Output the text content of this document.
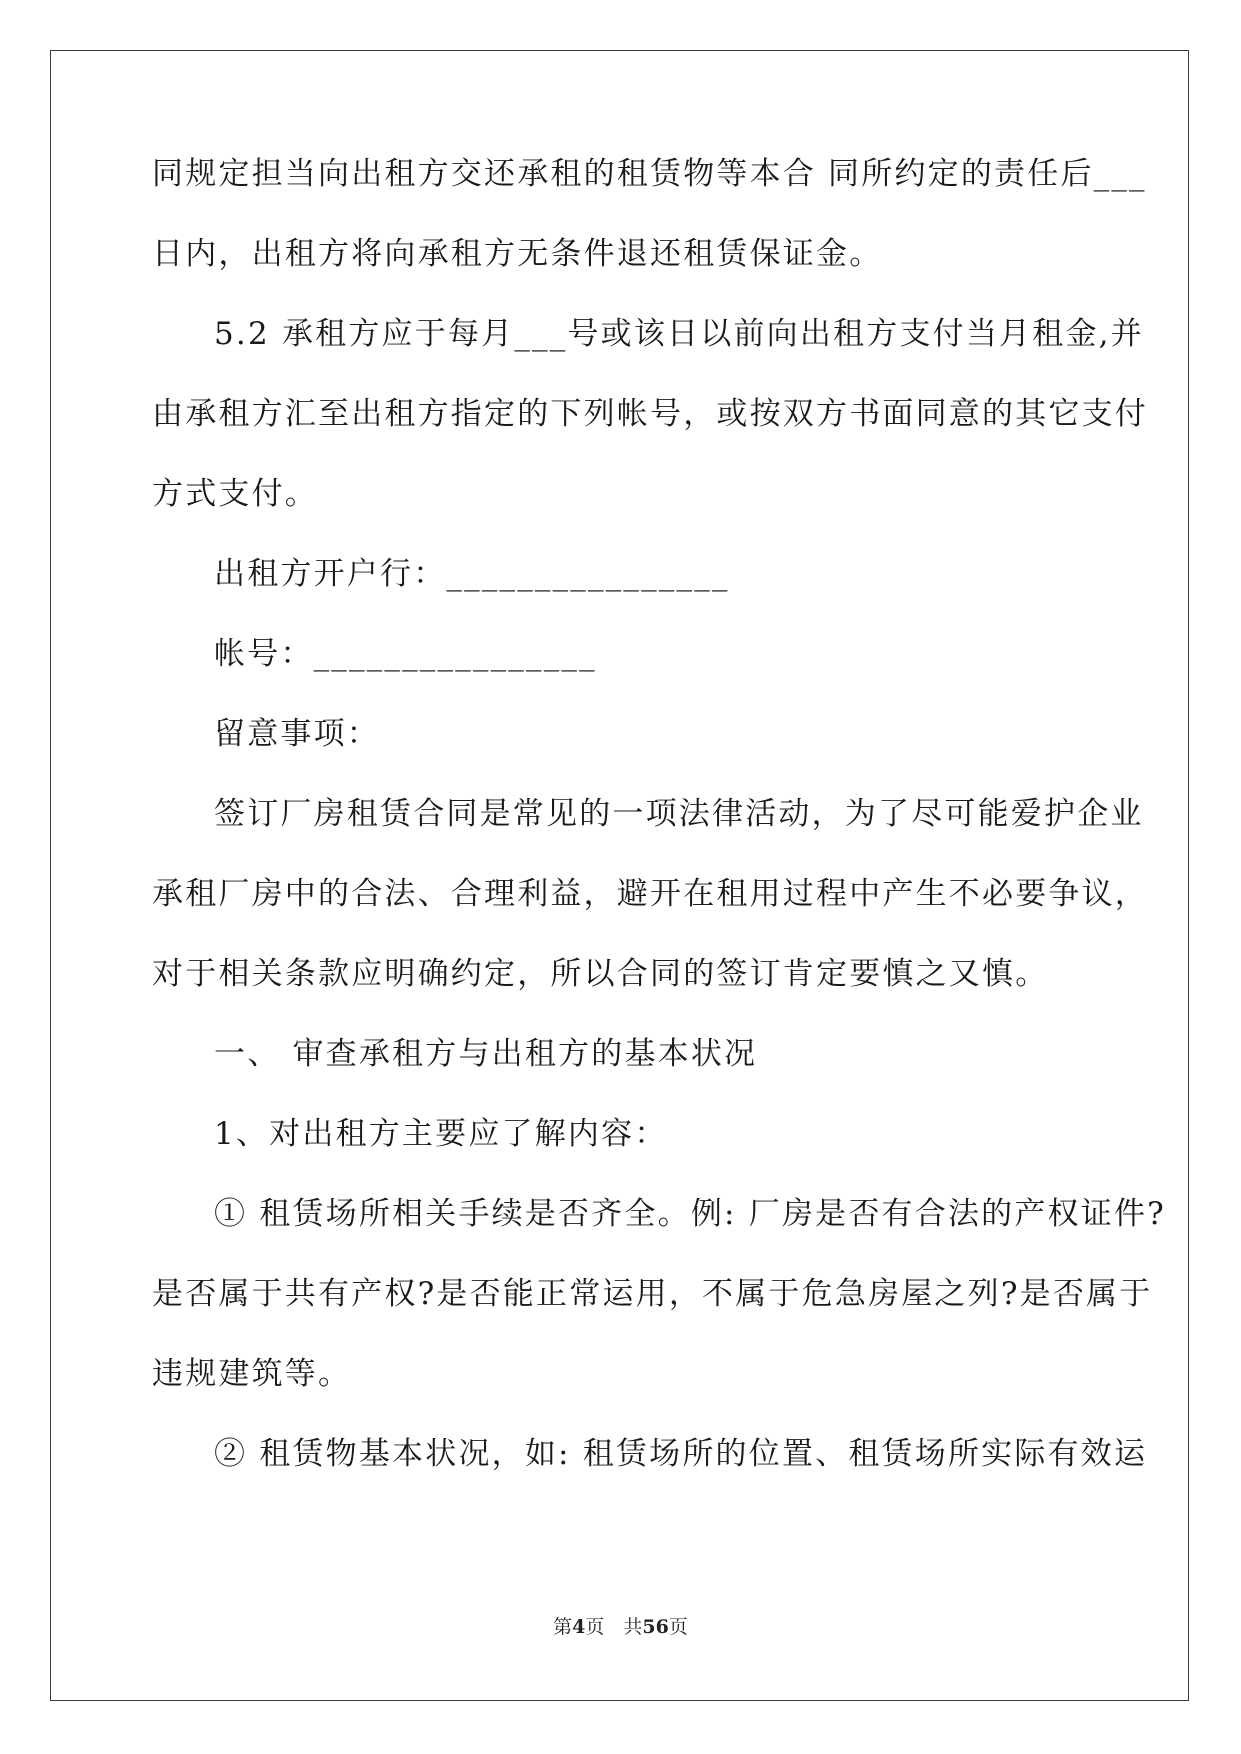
同规定担当向出租方交还承租的租赁物等本合 同所约定的责任后___
日内，出租方将向承租方无条件退还租赁保证金。
5.2 承租方应于每月___号或该日以前向出租方支付当月租金,并
由承租方汇至出租方指定的下列帐号，或按双方书面同意的其它支付
方式支付。
出租方开户行：________________
帐号：________________
留意事项：
签订厂房租赁合同是常见的一项法律活动，为了尽可能爱护企业
承租厂房中的合法、合理利益，避开在租用过程中产生不必要争议，
对于相关条款应明确约定，所以合同的签订肯定要慎之又慎。
一、 审查承租方与出租方的基本状况
1、对出租方主要应了解内容：
① 租赁场所相关手续是否齐全。例: 厂房是否有合法的产权证件?
是否属于共有产权?是否能正常运用，不属于危急房屋之列?是否属于
违规建筑等。
② 租赁物基本状况，如: 租赁场所的位置、租赁场所实际有效运
第4页　共56页
